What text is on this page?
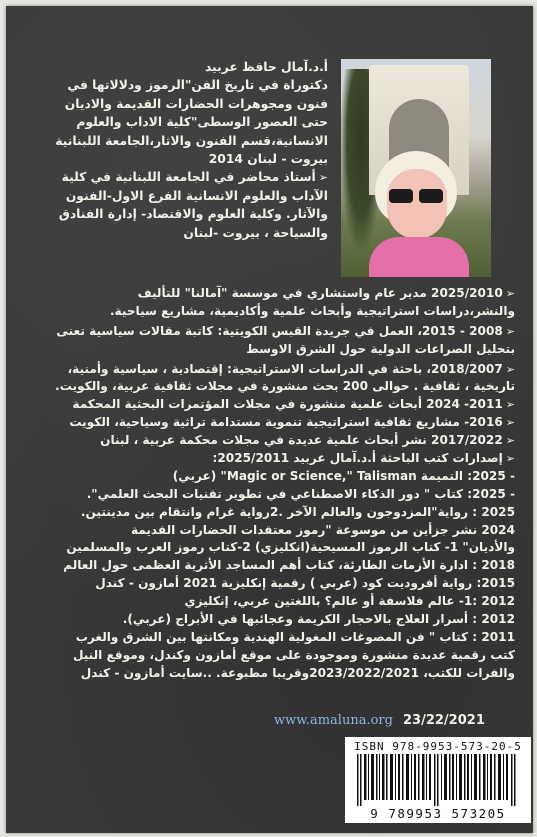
أ.د.آمال حافظ عربيد
دكتوراة في تاريخ الفن"الرموز ودلالاتها في
فنون ومجوهرات الحضارات القديمة والاديان
حتى العصور الوسطى"كلية الاداب والعلوم
الانسانية،قسم الفنون والاثار،الجامعة اللبنانية
بيروت - لبنان 2014
➢أستاذ محاضر في الجامعة اللبنانية في كلية
الآداب والعلوم الانسانية الفرع الاول-الفنون
والآثار. وكلية العلوم والاقتصاد- إدارة الفنادق
والسياحة ، بيروت -لبنان
➢2025/2010 مدير عام واستشاري في موسسة "آمالنا" للتأليف
والنشر،دراسات استراتيجية وأبحاث علمية وأكاديمية، مشاريع سياحية.
➢2008 - 2015، العمل في جريدة القبس الكويتية: كاتبة مقالات سياسية تعنى
بتحليل الصراعات الدولية حول الشرق الاوسط
➢2018/2007، باحثة في الدراسات الاستراتيجية: إقتصادية ، سياسية وأمنية،
تاريخية ، ثقافية . حوالى 200 بحث منشورة في مجلات ثقافية عربية، والكويت.
➢2011- 2024 أبحاث علمية منشورة في مجلات المؤتمرات البحثية المحكمة
➢2016- مشاريع ثقافية استراتيجية تنموية مستدامة تراثية وسياحية، الكويت
➢2017/2022 نشر أبحاث علمية عديدة في مجلات محكمة عربية ، لبنان
➢إصدارات كتب الباحثة أ.د.آمال عربيد 2025/2011:
- 2025: التميمة Magic or Science," Talisman" (عربي)
- 2025: كتاب " دور الذكاء الاصطناعي في تطوير تقنيات البحث العلمي".
2025 : رواية"المزدوجون والعالم الآخر .2رواية غرام وانتقام بين مدينتين.
2024 نشر جزأين من موسوعة "رموز معتقدات الحضارات القديمة
والأديان" 1- كتاب الرموز المسيحية(انكليزي) 2-كتاب رموز العرب والمسلمين
2018 : ادارة الأزمات الطارئة، كتاب أهم المساجد الأثرية العظمى حول العالم
2015: رواية أفروديت كود (عربي ) رقمية إنكليزية 2021 أمازون - كندل
2012 :1- عالم فلاسفة أو عالم؟ باللغتين عربي، إنكليزي
2012 : أسرار العلاج بالاحجار الكريمة وعجائبها في الأبراج (عربي).
2011 : كتاب " فن المصوغات المغولية الهندية ومكانتها بين الشرق والغرب
كتب رقمية عديدة منشورة وموجودة على موقع أمازون وكندل، وموقع النيل
والفرات للكتب، 2023/2022/2021وقريبا مطبوعة. ..سايت أمازون - كندل
www.amaluna.org 23/22/2021
ISBN 978-9953-573-20-5
9 789953 573205
